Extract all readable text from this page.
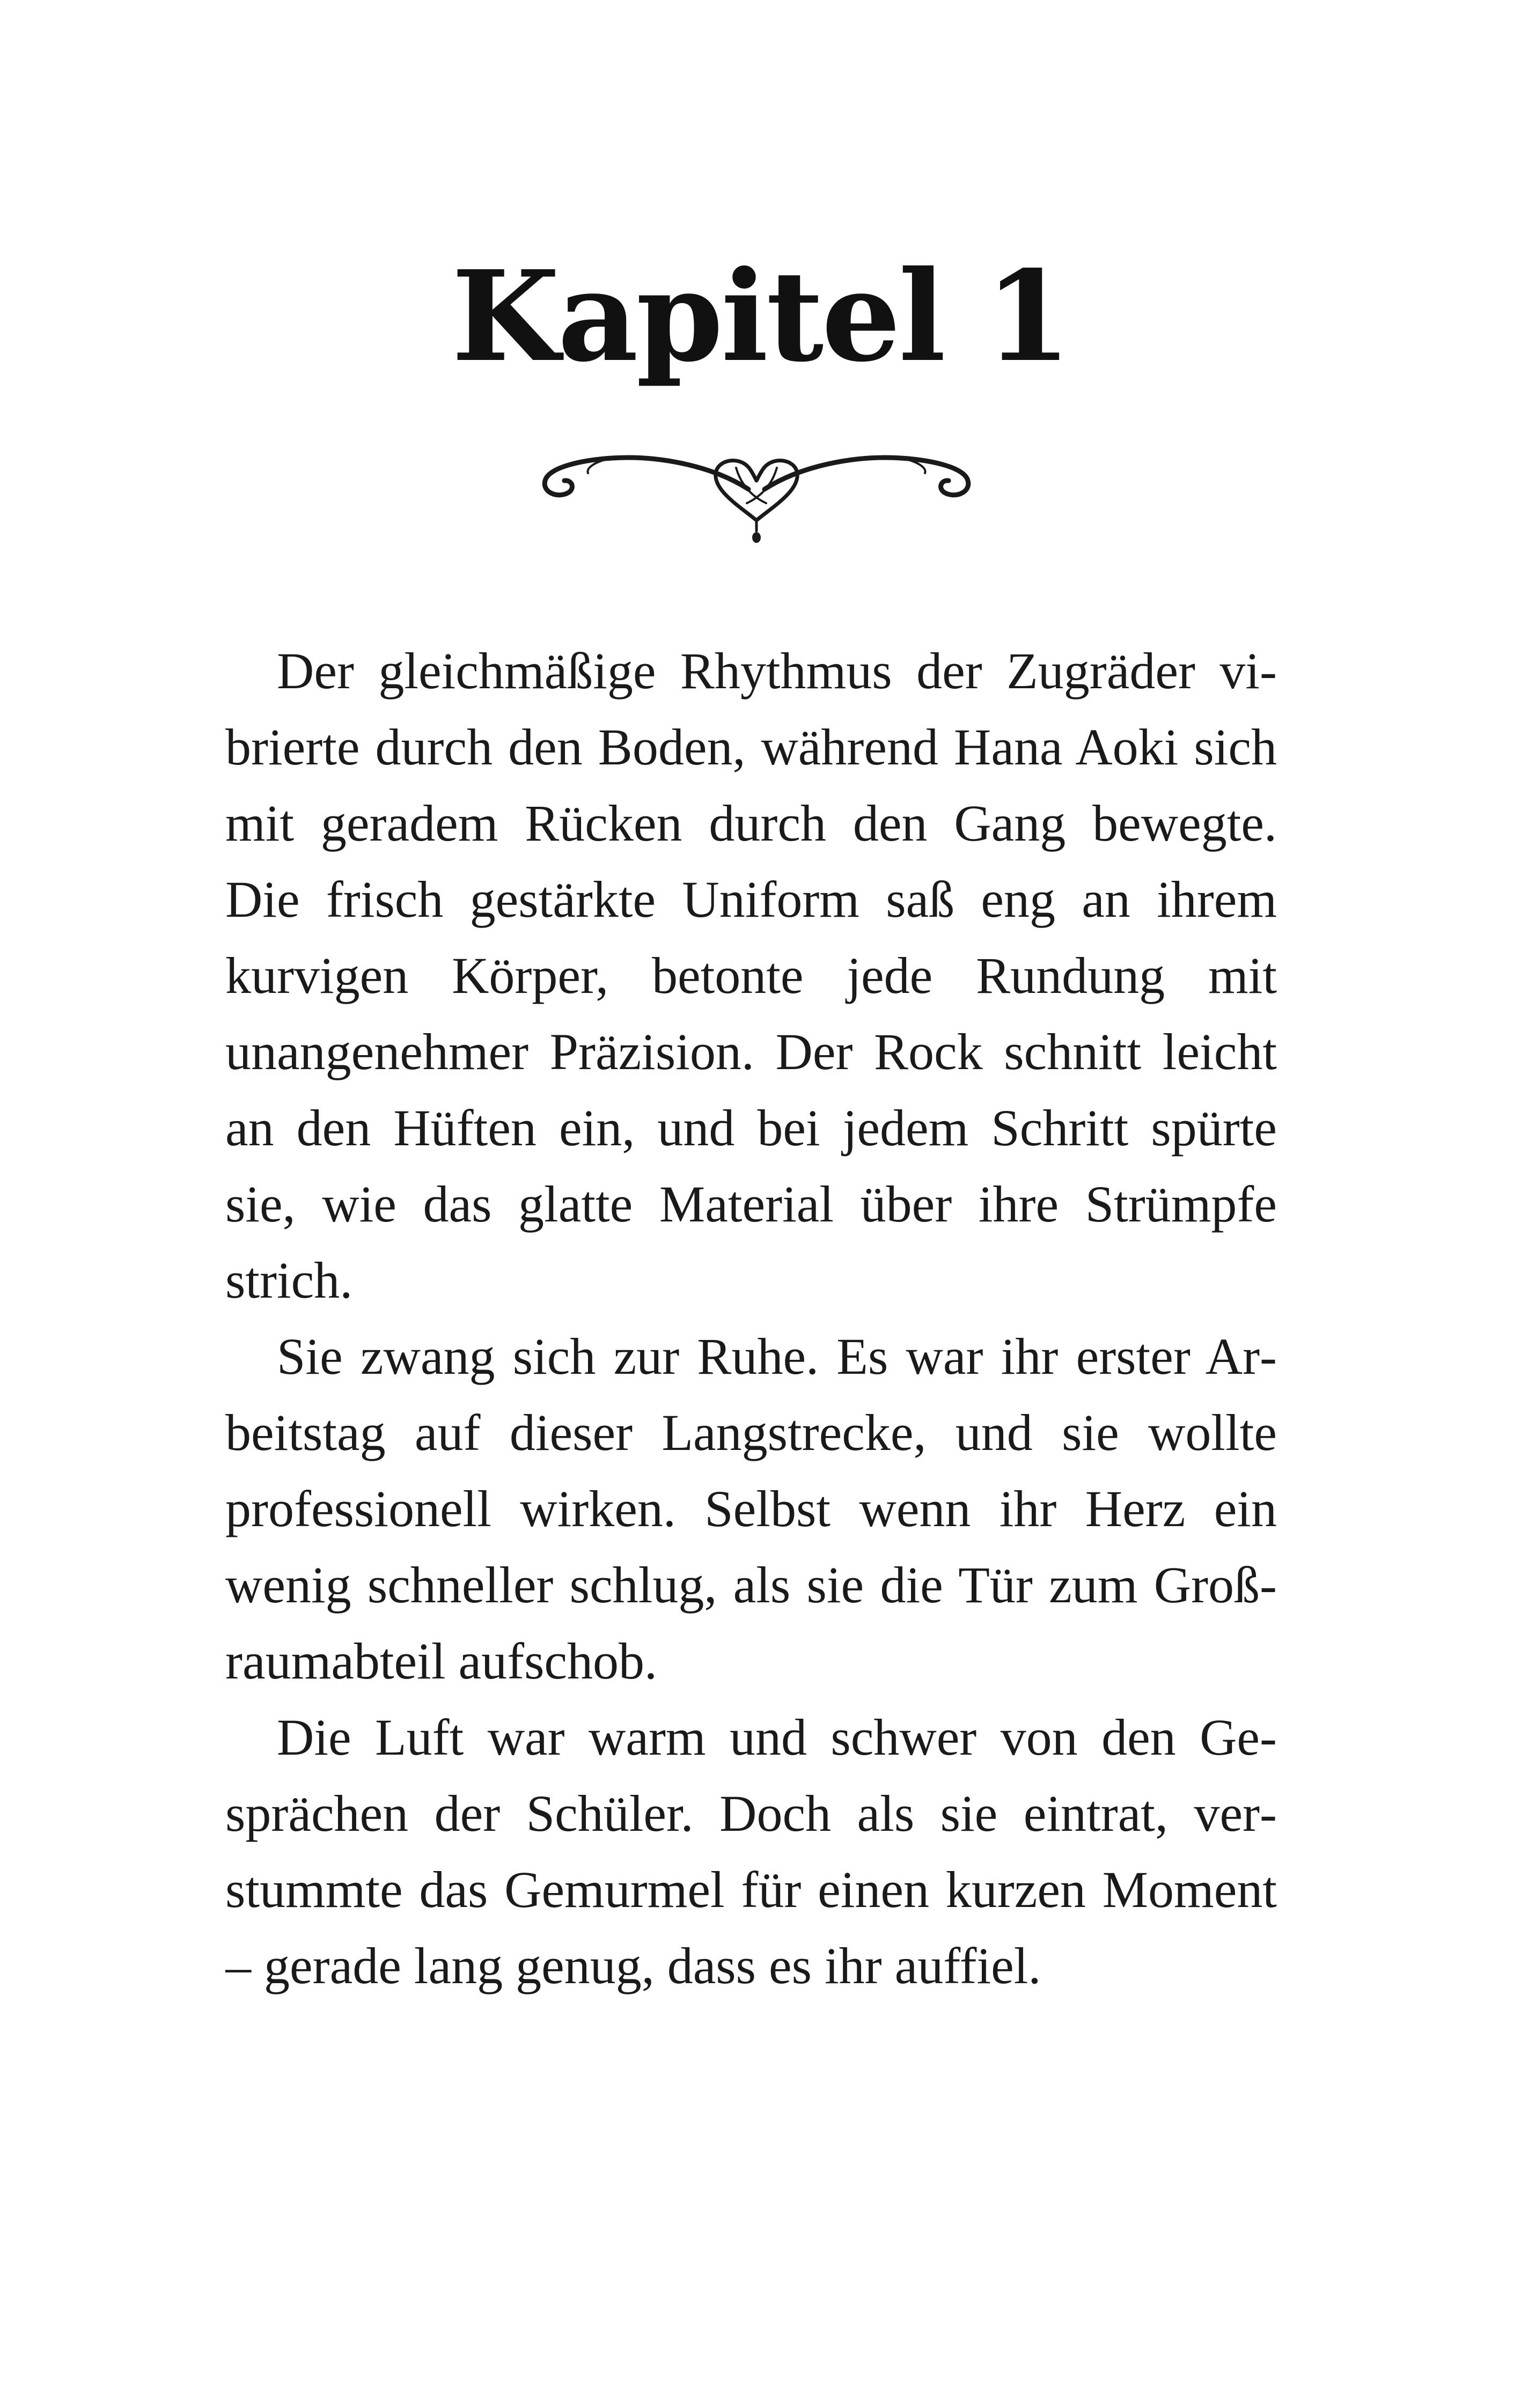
Kapitel 1

Der gleichmäßige Rhythmus der Zugräder vibrierte durch den Boden, während Hana Aoki sich mit geradem Rücken durch den Gang bewegte. Die frisch gestärkte Uniform saß eng an ihrem kurvigen Körper, betonte jede Rundung mit unangenehmer Präzision. Der Rock schnitt leicht an den Hüften ein, und bei jedem Schritt spürte sie, wie das glatte Material über ihre Strümpfe strich.

Sie zwang sich zur Ruhe. Es war ihr erster Arbeitstag auf dieser Langstrecke, und sie wollte professionell wirken. Selbst wenn ihr Herz ein wenig schneller schlug, als sie die Tür zum Großraumabteil aufschob.

Die Luft war warm und schwer von den Gesprächen der Schüler. Doch als sie eintrat, verstummte das Gemurmel für einen kurzen Moment – gerade lang genug, dass es ihr auffiel.
